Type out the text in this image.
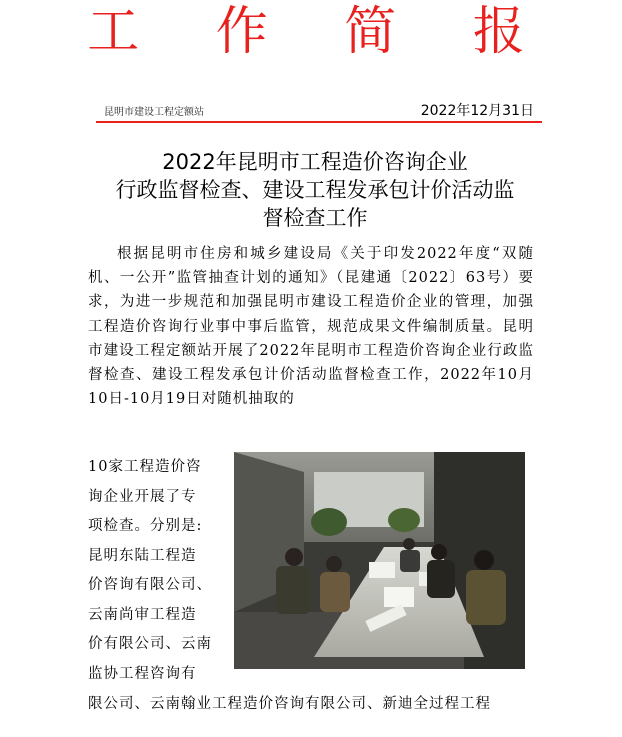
工 作 简 报
昆明市建设工程定额站	2022年12月31日
2022年昆明市工程造价咨询企业
行政监督检查、建设工程发承包计价活动监
督检查工作
根据昆明市住房和城乡建设局《关于印发2022年度“双随机、一公开”监管抽查计划的通知》（昆建通〔2022〕63号）要求，为进一步规范和加强昆明市建设工程造价企业的管理，加强工程造价咨询行业事中事后监管，规范成果文件编制质量。昆明市建设工程定额站开展了2022年昆明市工程造价咨询企业行政监督检查、建设工程发承包计价活动监督检查工作，2022年10月10日-10月19日对随机抽取的
10家工程造价咨
询企业开展了专
项检查。分别是:
昆明东陆工程造
价咨询有限公司、
云南尚审工程造
价有限公司、云南
监协工程咨询有
限公司、云南翰业工程造价咨询有限公司、新迪全过程工程
